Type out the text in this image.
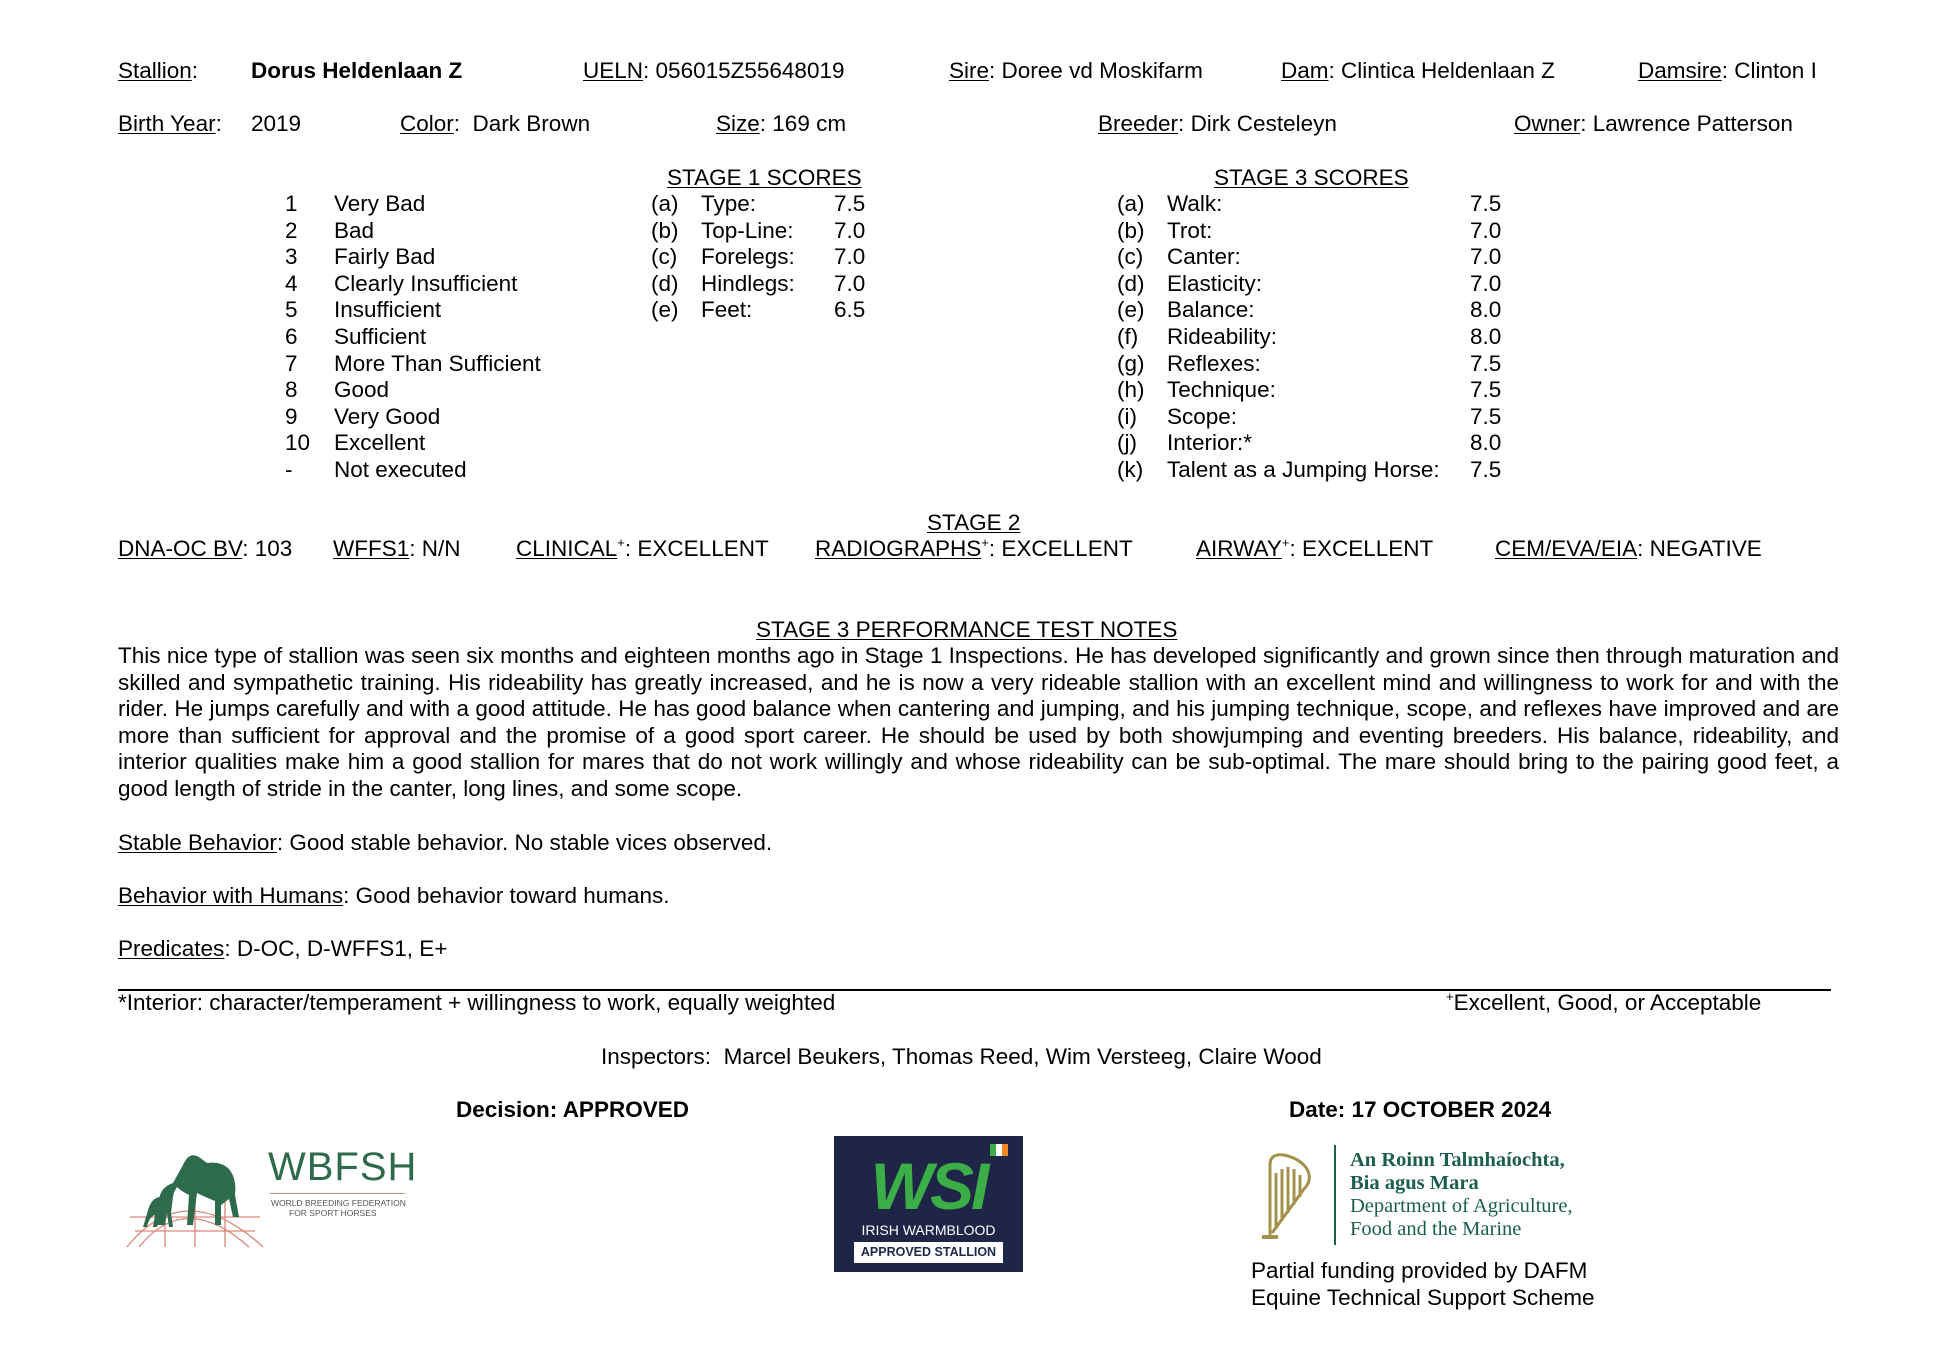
Stallion: Dorus Heldenlaan Z	UELN: 056015Z55648019	Sire: Doree vd Moskifarm	Dam: Clintica Heldenlaan Z	Damsire: Clinton I
Birth Year: 2019	Color:  Dark Brown	Size: 169 cm	Breeder: Dirk Cesteleyn	Owner: Lawrence Patterson
1 Very Bad
2 Bad
3 Fairly Bad
4 Clearly Insufficient
5 Insufficient
6 Sufficient
7 More Than Sufficient
8 Good
9 Very Good
10 Excellent
- Not executed
STAGE 1 SCORES
(a) Type:	7.5
(b) Top-Line: 7.0
(c) Forelegs: 7.0
(d) Hindlegs: 7.0
(e) Feet:	6.5
STAGE 3 SCORES
(a) Walk:	7.5
(b) Trot:	7.0
(c) Canter:	7.0
(d) Elasticity:	7.0
(e) Balance:	8.0
(f) Rideability:	8.0
(g) Reflexes:	7.5
(h) Technique:	7.5
(i) Scope:	7.5
(j) Interior:*	8.0
(k) Talent as a Jumping Horse: 7.5
STAGE 2
DNA-OC BV: 103 WFFS1: N/N CLINICAL+: EXCELLENT RADIOGRAPHS+: EXCELLENT	AIRWAY+: EXCELLENT	CEM/EVA/EIA: NEGATIVE
STAGE 3 PERFORMANCE TEST NOTES
This nice type of stallion was seen six months and eighteen months ago in Stage 1 Inspections. He has developed significantly and grown since then through maturation and skilled and sympathetic training. His rideability has greatly increased, and he is now a very rideable stallion with an excellent mind and willingness to work for and with the rider. He jumps carefully and with a good attitude. He has good balance when cantering and jumping, and his jumping technique, scope, and reflexes have improved and are more than sufficient for approval and the promise of a good sport career. He should be used by both showjumping and eventing breeders. His balance, rideability, and interior qualities make him a good stallion for mares that do not work willingly and whose rideability can be sub-optimal. The mare should bring to the pairing good feet, a good length of stride in the canter, long lines, and some scope.
Stable Behavior: Good stable behavior. No stable vices observed.
Behavior with Humans: Good behavior toward humans.
Predicates: D-OC, D-WFFS1, E+
*Interior: character/temperament + willingness to work, equally weighted	+Excellent, Good, or Acceptable
Inspectors: Marcel Beukers, Thomas Reed, Wim Versteeg, Claire Wood
Decision: APPROVED	Date: 17 OCTOBER 2024
WBFSH
WORLD BREEDING FEDERATION
FOR SPORT HORSES	WSI
IRISH WARMBLOOD
APPROVED STALLION
An Roinn Talmhaíochta,
Bia agus Mara
Department of Agriculture,
Food and the Marine
Partial funding provided by DAFM
Equine Technical Support Scheme
